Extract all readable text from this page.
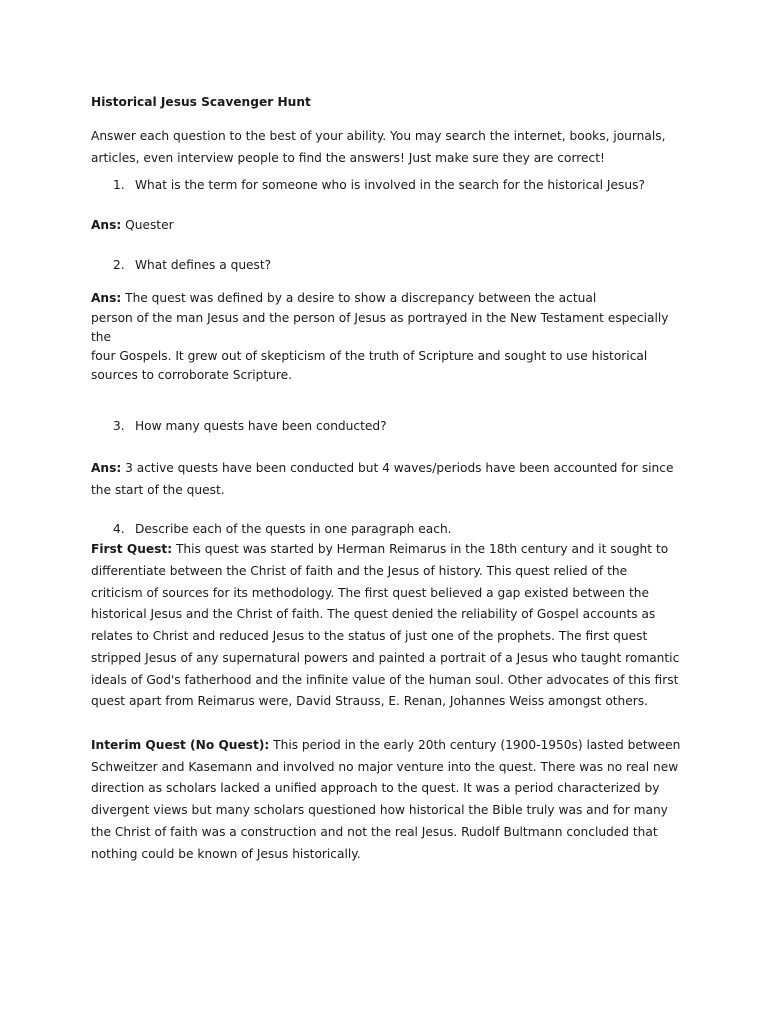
Historical Jesus Scavenger Hunt

Answer each question to the best of your ability. You may search the internet, books, journals, articles, even interview people to find the answers! Just make sure they are correct!

1. What is the term for someone who is involved in the search for the historical Jesus?

Ans: Quester

2. What defines a quest?

Ans: The quest was defined by a desire to show a discrepancy between the actual
person of the man Jesus and the person of Jesus as portrayed in the New Testament especially
the
four Gospels. It grew out of skepticism of the truth of Scripture and sought to use historical
sources to corroborate Scripture.

3. How many quests have been conducted?

Ans: 3 active quests have been conducted but 4 waves/periods have been accounted for since the start of the quest.

4. Describe each of the quests in one paragraph each.

First Quest: This quest was started by Herman Reimarus in the 18th century and it sought to differentiate between the Christ of faith and the Jesus of history. This quest relied of the criticism of sources for its methodology. The first quest believed a gap existed between the historical Jesus and the Christ of faith. The quest denied the reliability of Gospel accounts as relates to Christ and reduced Jesus to the status of just one of the prophets. The first quest stripped Jesus of any supernatural powers and painted a portrait of a Jesus who taught romantic ideals of God's fatherhood and the infinite value of the human soul. Other advocates of this first quest apart from Reimarus were, David Strauss, E. Renan, Johannes Weiss amongst others.

Interim Quest (No Quest): This period in the early 20th century (1900-1950s) lasted between Schweitzer and Kasemann and involved no major venture into the quest. There was no real new direction as scholars lacked a unified approach to the quest. It was a period characterized by divergent views but many scholars questioned how historical the Bible truly was and for many the Christ of faith was a construction and not the real Jesus. Rudolf Bultmann concluded that nothing could be known of Jesus historically.
